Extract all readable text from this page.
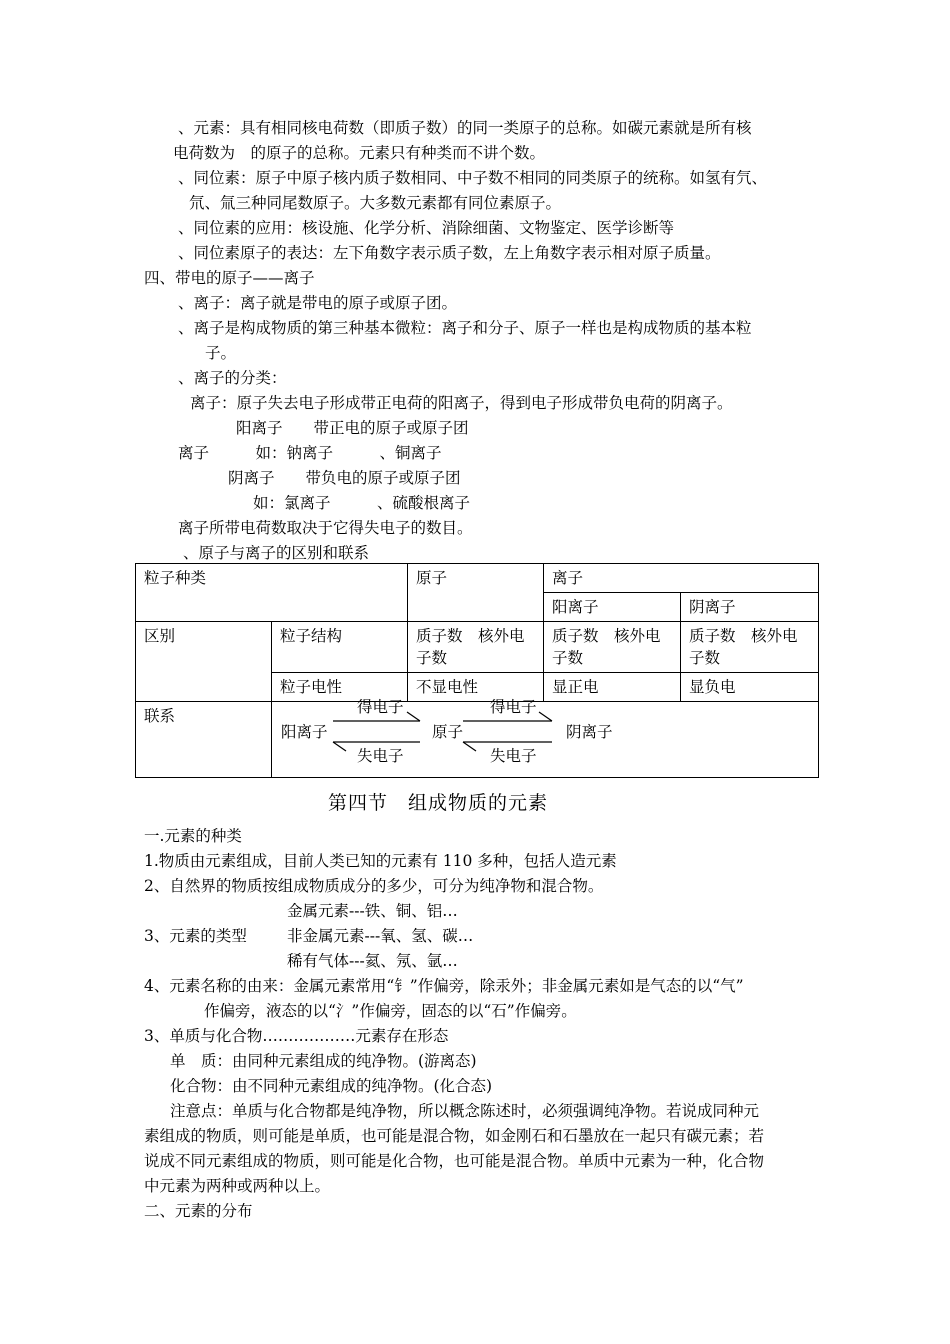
、元素：具有相同核电荷数（即质子数）的同一类原子的总称。如碳元素就是所有核
电荷数为　的原子的总称。元素只有种类而不讲个数。
、同位素：原子中原子核内质子数相同、中子数不相同的同类原子的统称。如氢有氕、
氘、氚三种同尾数原子。大多数元素都有同位素原子。
、同位素的应用：核设施、化学分析、消除细菌、文物鉴定、医学诊断等
、同位素原子的表达：左下角数字表示质子数，左上角数字表示相对原子质量。
四、带电的原子——离子
、离子：离子就是带电的原子或原子团。
、离子是构成物质的第三种基本微粒：离子和分子、原子一样也是构成物质的基本粒
子。
、离子的分类：
离子：原子失去电子形成带正电荷的阳离子，得到电子形成带负电荷的阴离子。
阳离子　　带正电的原子或原子团
离子　　　如：钠离子　　　、铜离子
阴离子　　带负电的原子或原子团
如：氯离子　　　、硫酸根离子
离子所带电荷数取决于它得失电子的数目。
、原子与离子的区别和联系
粒子种类		原子	离子	
			阳离子	阴离子
区别	粒子结构	质子数　核外电子数	质子数　核外电子数	质子数　核外电子数
	粒子电性	不显电性	显正电	显负电
联系					得电子	得电子
阳离子	原子	阴离子
失电子	失电子
第四节　组成物质的元素
一.元素的种类
1.物质由元素组成，目前人类已知的元素有 110 多种，包括人造元素
2、自然界的物质按组成物质成分的多少，可分为纯净物和混合物。
金属元素---铁、铜、铝…
3、元素的类型	非金属元素---氧、氢、碳…
稀有气体---氦、氖、氩…
4、元素名称的由来：金属元素常用“钅”作偏旁，除汞外；非金属元素如是气态的以“气”
作偏旁，液态的以“氵”作偏旁，固态的以“石”作偏旁。
3、单质与化合物………………元素存在形态
单　质：由同种元素组成的纯净物。(游离态)
化合物：由不同种元素组成的纯净物。(化合态)
注意点：单质与化合物都是纯净物，所以概念陈述时，必须强调纯净物。若说成同种元
素组成的物质，则可能是单质，也可能是混合物，如金刚石和石墨放在一起只有碳元素；若
说成不同元素组成的物质，则可能是化合物，也可能是混合物。单质中元素为一种，化合物
中元素为两种或两种以上。
二、元素的分布
